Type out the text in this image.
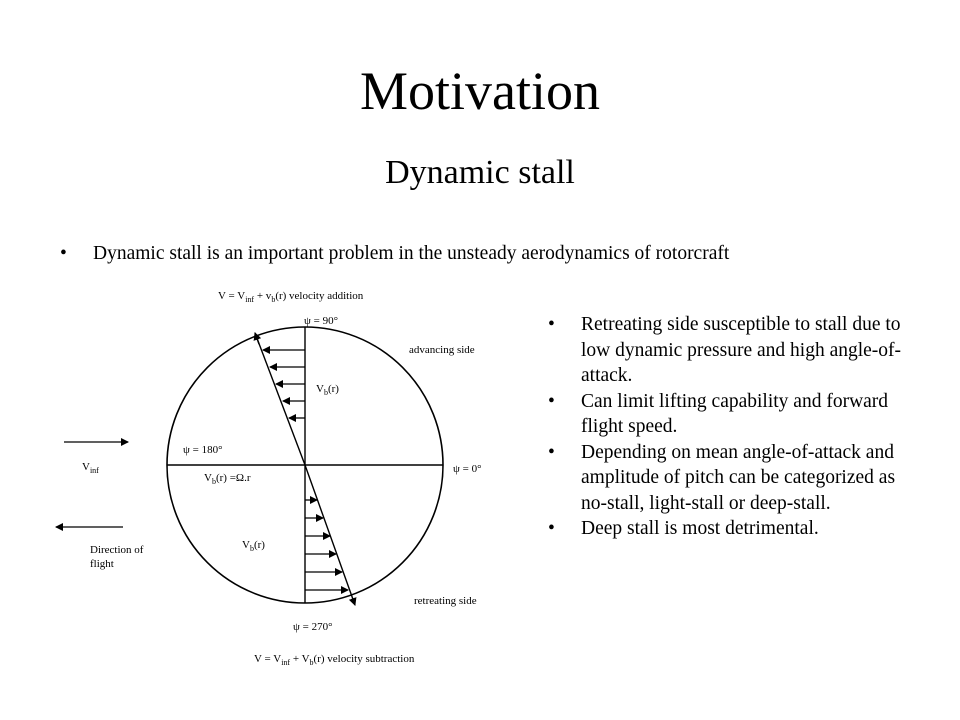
Motivation
Dynamic stall
• Dynamic stall is an important problem in the unsteady aerodynamics of rotorcraft
$V = V_{inf} + v_b(r)$ velocity addition
ψ = 90°
advancing side
$V_b(r)$
ψ = 180°
ψ = 0°
$V_b(r) =\Omega.r$
$V_{inf}$
$V_b(r)$
Direction of flight
retreating side
ψ = 270°
$V = V_{inf} + V_b(r)$ velocity subtraction
• Retreating side susceptible to stall due to low dynamic pressure and high angle-of-attack.
• Can limit lifting capability and forward flight speed.
• Depending on mean angle-of-attack and amplitude of pitch can be categorized as no-stall, light-stall or deep-stall.
• Deep stall is most detrimental.
